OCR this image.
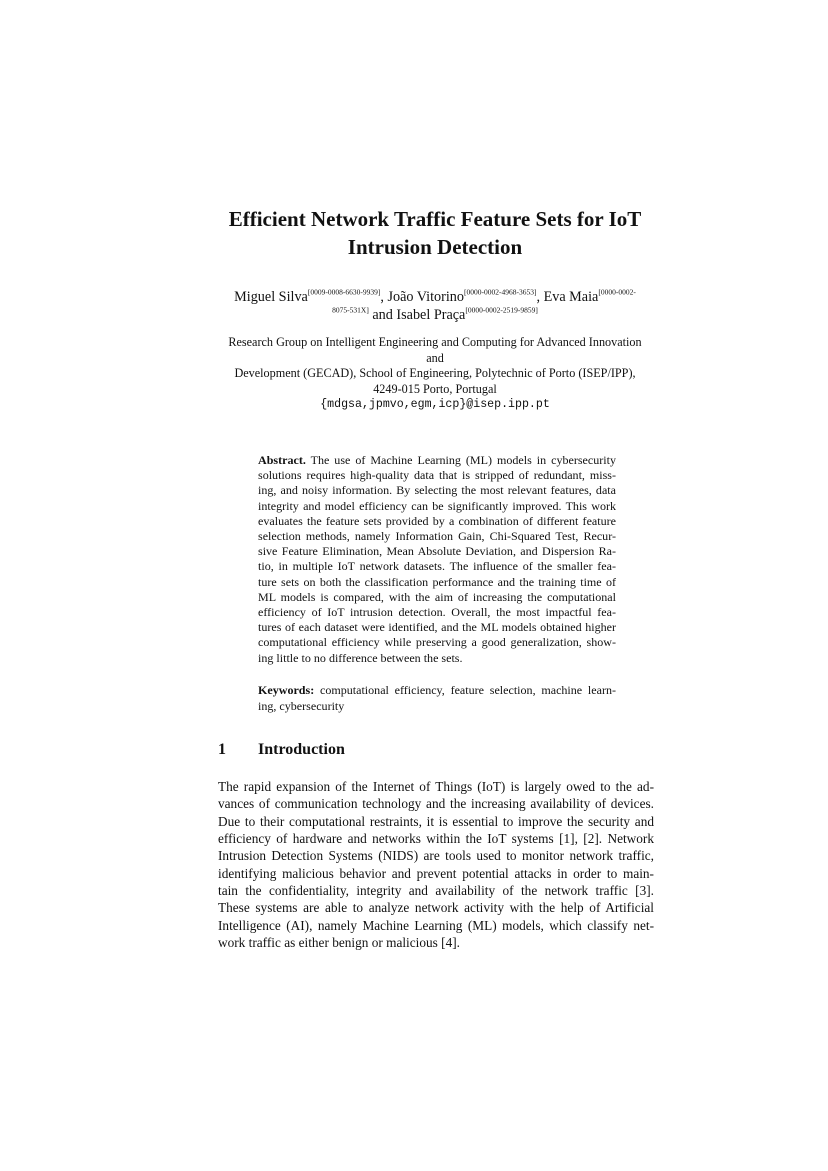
Efficient Network Traffic Feature Sets for IoT
Intrusion Detection
Miguel Silva[0009-0008-6630-9939], João Vitorino[0000-0002-4968-3653], Eva Maia$^{[0000-0002-}$
$^{8075-531X]}$ and Isabel Praça[0000-0002-2519-9859]
Research Group on Intelligent Engineering and Computing for Advanced Innovation
and
Development (GECAD), School of Engineering, Polytechnic of Porto (ISEP/IPP),
4249-015 Porto, Portugal
{mdgsa,jpmvo,egm,icp}@isep.ipp.pt
Abstract. The use of Machine Learning (ML) models in cybersecurity
solutions requires high-quality data that is stripped of redundant, miss-
ing, and noisy information. By selecting the most relevant features, data
integrity and model efficiency can be significantly improved. This work
evaluates the feature sets provided by a combination of different feature
selection methods, namely Information Gain, Chi-Squared Test, Recur-
sive Feature Elimination, Mean Absolute Deviation, and Dispersion Ra-
tio, in multiple IoT network datasets. The influence of the smaller fea-
ture sets on both the classification performance and the training time of
ML models is compared, with the aim of increasing the computational
efficiency of IoT intrusion detection. Overall, the most impactful fea-
tures of each dataset were identified, and the ML models obtained higher
computational efficiency while preserving a good generalization, show-
ing little to no difference between the sets.
Keywords: computational efficiency, feature selection, machine learn-
ing, cybersecurity
1 Introduction
The rapid expansion of the Internet of Things (IoT) is largely owed to the ad-
vances of communication technology and the increasing availability of devices.
Due to their computational restraints, it is essential to improve the security and
efficiency of hardware and networks within the IoT systems [1], [2]. Network
Intrusion Detection Systems (NIDS) are tools used to monitor network traffic,
identifying malicious behavior and prevent potential attacks in order to main-
tain the confidentiality, integrity and availability of the network traffic [3].
These systems are able to analyze network activity with the help of Artificial
Intelligence (AI), namely Machine Learning (ML) models, which classify net-
work traffic as either benign or malicious [4].
